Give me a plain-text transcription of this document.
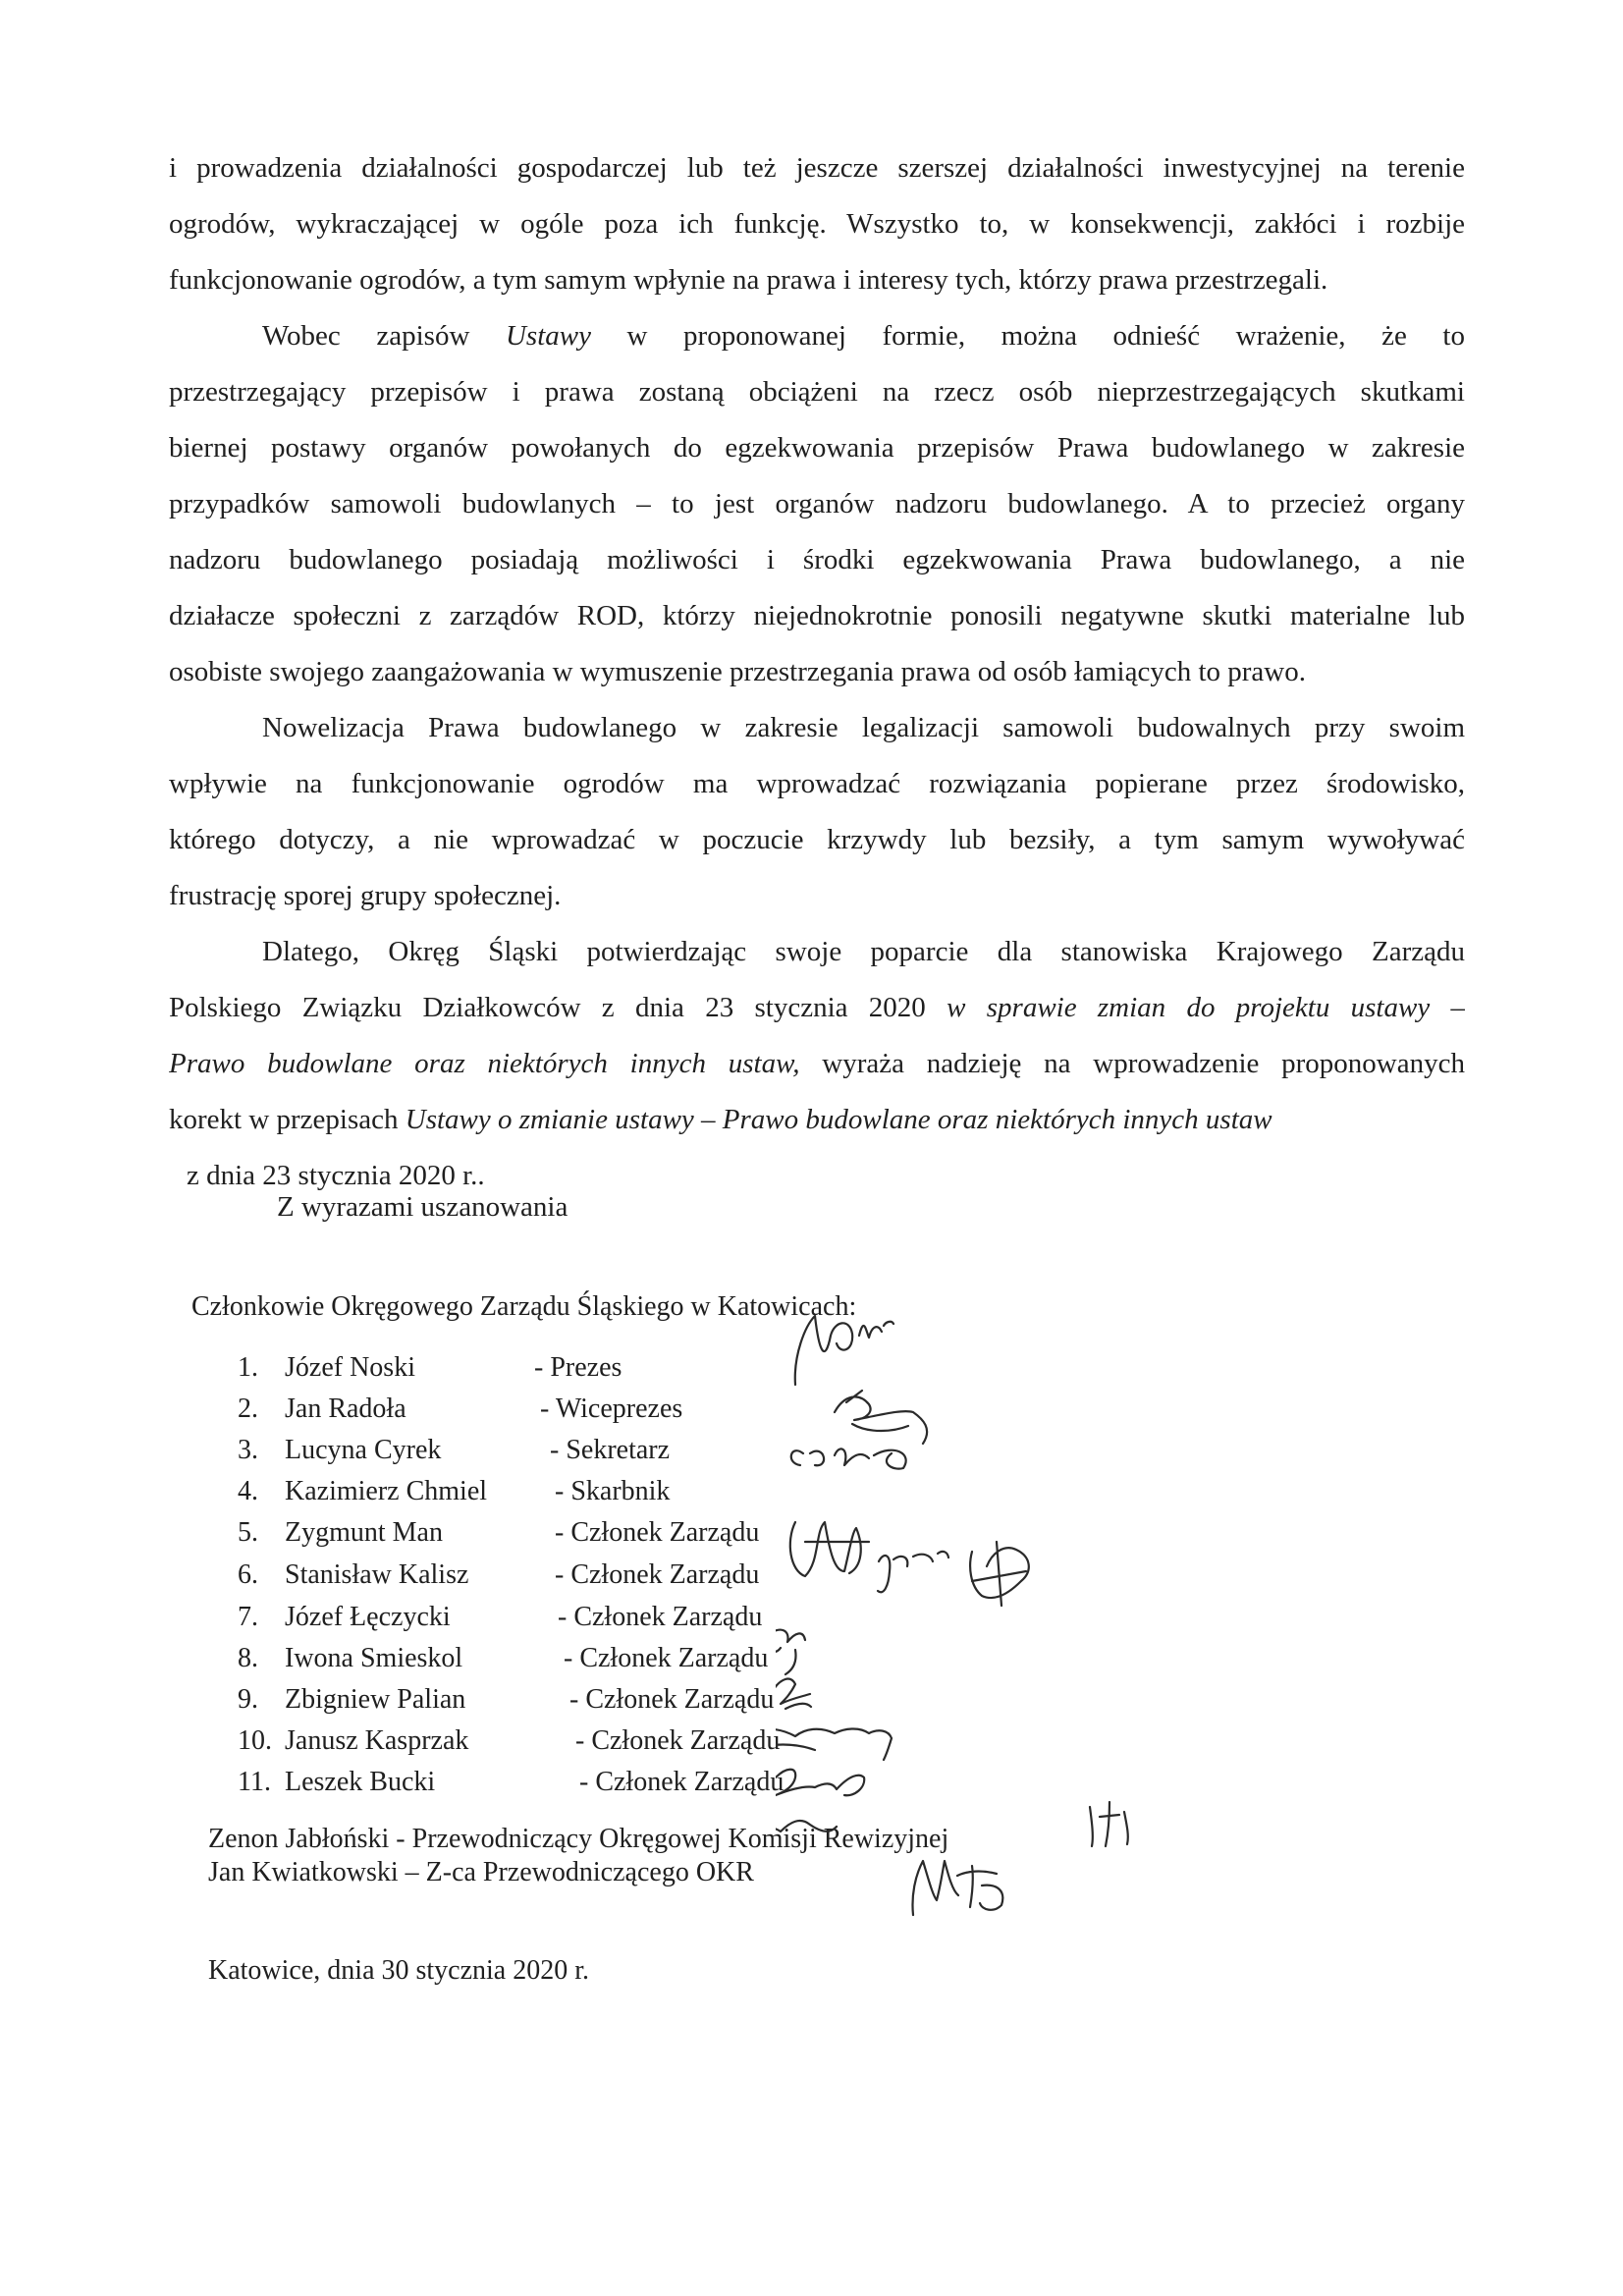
i prowadzenia działalności gospodarczej lub też jeszcze szerszej działalności inwestycyjnej na terenie
ogrodów, wykraczającej w ogóle poza ich funkcję. Wszystko to, w konsekwencji, zakłóci i rozbije
funkcjonowanie ogrodów, a tym samym wpłynie na prawa i interesy tych, którzy prawa przestrzegali.
Wobec zapisów Ustawy w proponowanej formie, można odnieść wrażenie, że to
przestrzegający przepisów i prawa zostaną obciążeni na rzecz osób nieprzestrzegających skutkami
biernej postawy organów powołanych do egzekwowania przepisów Prawa budowlanego w zakresie
przypadków samowoli budowlanych – to jest organów nadzoru budowlanego. A to przecież organy
nadzoru budowlanego posiadają możliwości i środki egzekwowania Prawa budowlanego, a nie
działacze społeczni z zarządów ROD, którzy niejednokrotnie ponosili negatywne skutki materialne lub
osobiste swojego zaangażowania w wymuszenie przestrzegania prawa od osób łamiących to prawo.
Nowelizacja Prawa budowlanego w zakresie legalizacji samowoli budowalnych przy swoim
wpływie na funkcjonowanie ogrodów ma wprowadzać rozwiązania popierane przez środowisko,
którego dotyczy, a nie wprowadzać w poczucie krzywdy lub bezsiły, a tym samym wywoływać
frustrację sporej grupy społecznej.
Dlatego, Okręg Śląski potwierdzając swoje poparcie dla stanowiska Krajowego Zarządu
Polskiego Związku Działkowców z dnia 23 stycznia 2020 w sprawie zmian do projektu ustawy –
Prawo budowlane oraz niektórych innych ustaw, wyraża nadzieję na wprowadzenie proponowanych
korekt w przepisach Ustawy o zmianie ustawy – Prawo budowlane oraz niektórych innych ustaw
z dnia 23 stycznia 2020 r..
Z wyrazami uszanowania
Członkowie Okręgowego Zarządu Śląskiego w Katowicach:
1. Józef Noski	- Prezes
2. Jan Radoła	- Wiceprezes
3. Lucyna Cyrek	- Sekretarz
4. Kazimierz Chmiel - Skarbnik
5. Zygmunt Man	- Członek Zarządu
6. Stanisław Kalisz	- Członek Zarządu
7. Józef Łęczycki	- Członek Zarządu
8. Iwona Smieskol	- Członek Zarządu
9. Zbigniew Palian	- Członek Zarządu
10. Janusz Kasprzak	- Członek Zarządu
11. Leszek Bucki	- Członek Zarządu
Zenon Jabłoński - Przewodniczący Okręgowej Komisji Rewizyjnej
Jan Kwiatkowski – Z-ca Przewodniczącego OKR
Katowice, dnia 30 stycznia 2020 r.
